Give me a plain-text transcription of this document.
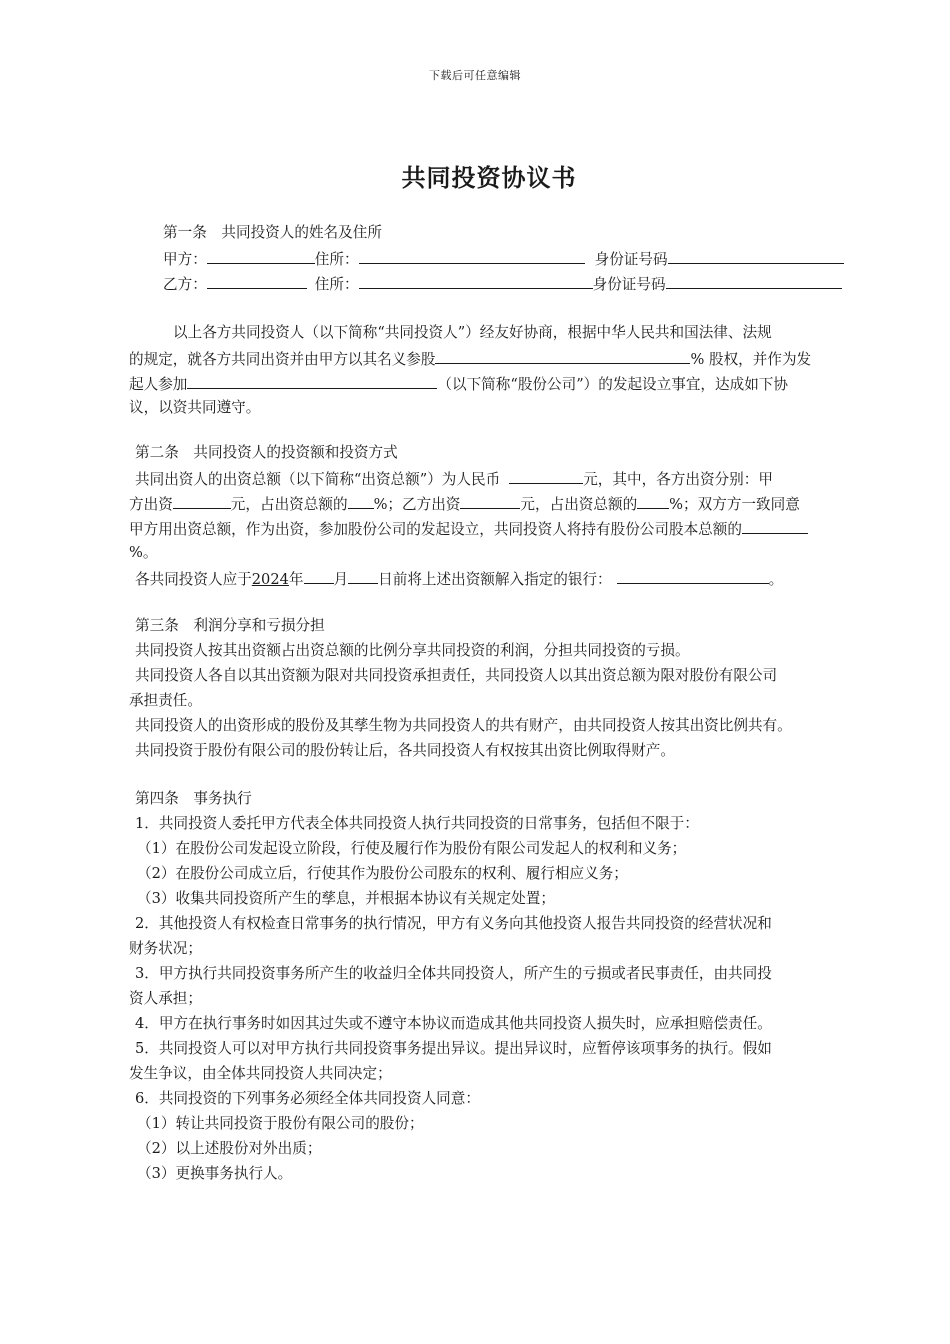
下载后可任意编辑
共同投资协议书
第一条　共同投资人的姓名及住所
甲方：	住所：	身份证号码
乙方：	住所：	身份证号码
以上各方共同投资人（以下简称“共同投资人”）经友好协商，根据中华人民共和国法律、法规
的规定，就各方共同出资并由甲方以其名义参股	% 股权，并作为发
起人参加	（以下简称“股份公司”）的发起设立事宜，达成如下协
议，以资共同遵守。
第二条　共同投资人的投资额和投资方式
共同出资人的出资总额（以下简称“出资总额”）为人民币	元，其中，各方出资分别：甲
方出资	元，占出资总额的 %；乙方出资	元，占出资总额的 %；双方方一致同意
甲方用出资总额，作为出资，参加股份公司的发起设立，共同投资人将持有股份公司股本总额的
%。
各共同投资人应于2024年 月 日前将上述出资额解入指定的银行：	。
第三条　利润分享和亏损分担
共同投资人按其出资额占出资总额的比例分享共同投资的利润，分担共同投资的亏损。
共同投资人各自以其出资额为限对共同投资承担责任，共同投资人以其出资总额为限对股份有限公司
承担责任。
共同投资人的出资形成的股份及其孳生物为共同投资人的共有财产，由共同投资人按其出资比例共有。
共同投资于股份有限公司的股份转让后，各共同投资人有权按其出资比例取得财产。
第四条　事务执行
1．共同投资人委托甲方代表全体共同投资人执行共同投资的日常事务，包括但不限于：
（1）在股份公司发起设立阶段，行使及履行作为股份有限公司发起人的权利和义务；
（2）在股份公司成立后，行使其作为股份公司股东的权利、履行相应义务；
（3）收集共同投资所产生的孳息，并根据本协议有关规定处置；
2．其他投资人有权检查日常事务的执行情况，甲方有义务向其他投资人报告共同投资的经营状况和
财务状况；
3．甲方执行共同投资事务所产生的收益归全体共同投资人，所产生的亏损或者民事责任，由共同投
资人承担；
4．甲方在执行事务时如因其过失或不遵守本协议而造成其他共同投资人损失时，应承担赔偿责任。
5．共同投资人可以对甲方执行共同投资事务提出异议。提出异议时，应暂停该项事务的执行。假如
发生争议，由全体共同投资人共同决定；
6．共同投资的下列事务必须经全体共同投资人同意：
（1）转让共同投资于股份有限公司的股份；
（2）以上述股份对外出质；
（3）更换事务执行人。
